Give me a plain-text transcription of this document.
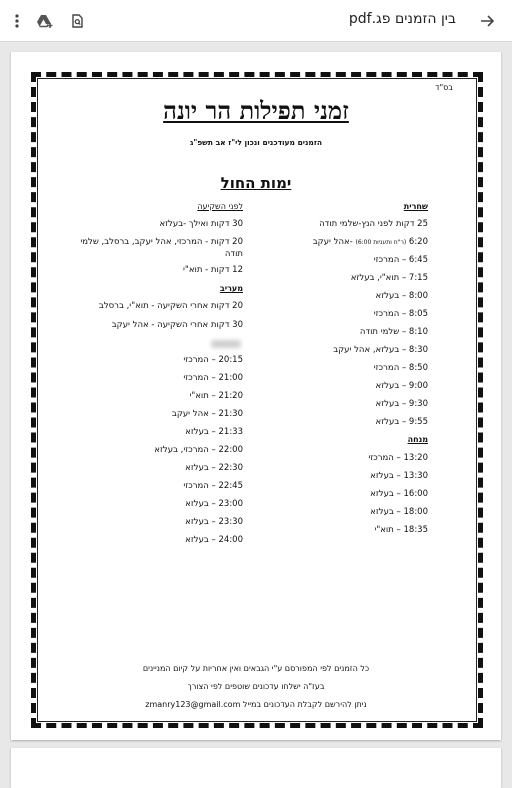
בין הזמנים פג.pdf
בס"ד
זמני תפילות הר יונה
הזמנים מעודכנים ונכון לי"ז אב תשפ"ג
ימות החול
שחרית
25 דקות לפני הנץ-שלמי תודה
6:20 (ר"ח ותעניות 6:00) -אהל יעקב
6:45 – המרכזי
7:15 – תוא"י, בעלזא
8:00 – בעלזא
8:05 – המרכזי
8:10 – שלמי תודה
8:30 – בעלזא, אהל יעקב
8:50 – המרכזי
9:00 – בעלזא
9:30 – בעלזא
9:55 – בעלזא
מנחה
13:20 – המרכזי
13:30 – בעלזא
16:00 – בעלזא
18:00 – בעלזא
18:35 – תוא"י
לפני השקיעה
30 דקות ואילך -בעלזא
20 דקות - המרכזי, אהל יעקב, ברסלב, שלמי
תודה
12 דקות - תוא"י
מעריב
20 דקות אחרי השקיעה - תוא"י, ברסלב
30 דקות אחרי השקיעה - אהל יעקב
20:15 – המרכזי
21:00 – המרכזי
21:20 – תוא"י
21:30 – אהל יעקב
21:33 – בעלזא
22:00 – המרכזי, בעלזא
22:30 – בעלזא
22:45 – המרכזי
23:00 – בעלזא
23:30 – בעלזא
24:00 – בעלזא
כל הזמנים לפי המפורסם ע"י הגבאים ואין אחריות על קיום המניינים
בעז"ה ישלחו עדכונים שוטפים לפי הצורך
ניתן להירשם לקבלת העדכונים במייל zmanry123@gmail.com
